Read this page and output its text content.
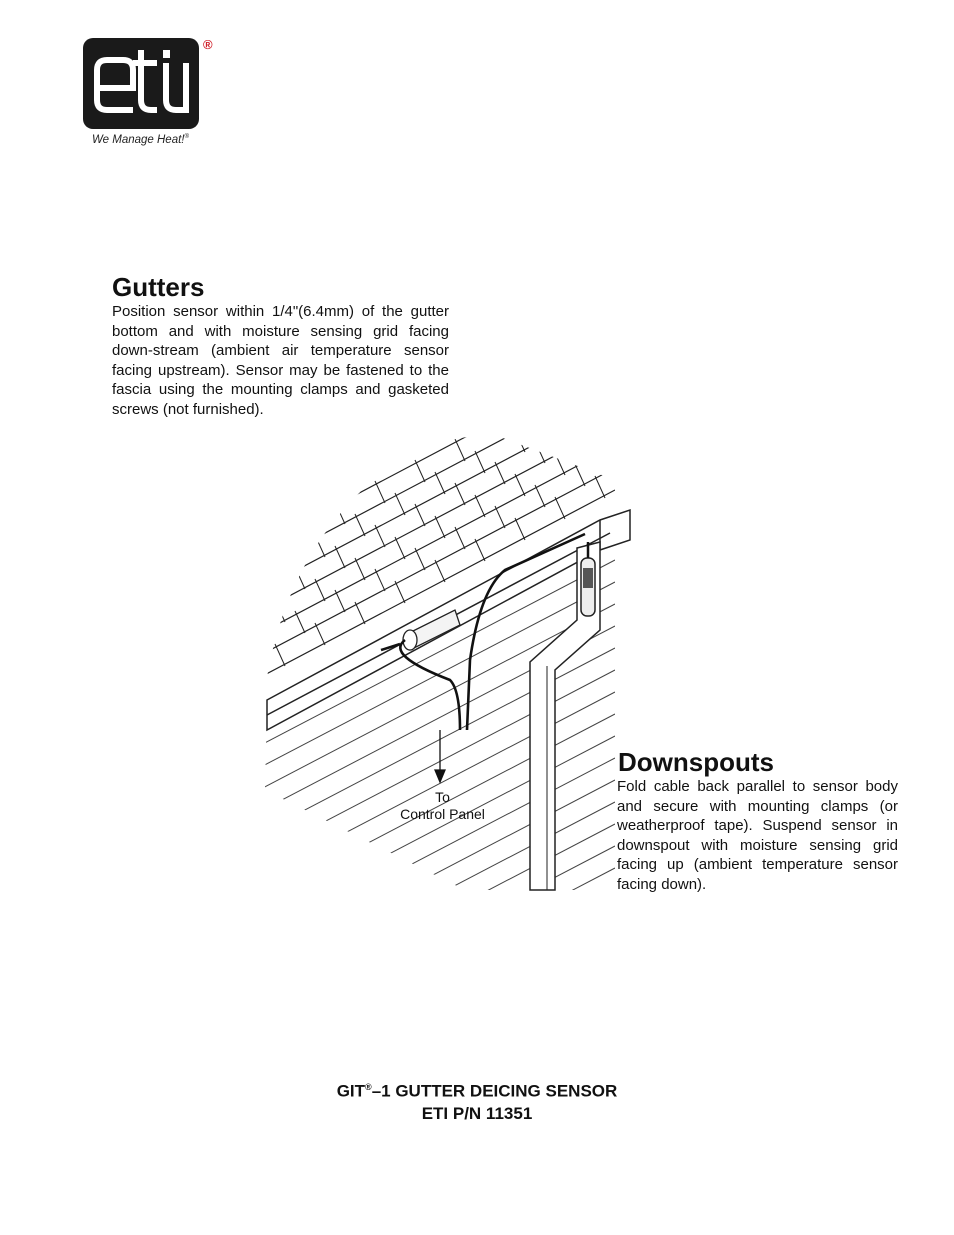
®
We Manage Heat!®
Gutters

Position sensor within 1/4"(6.4mm) of the gutter bottom and with moisture sensing grid facing down-stream (ambient air temperature sensor facing upstream). Sensor may be fastened to the fascia using the mounting clamps and gasketed screws (not furnished).

To
Control Panel
Downspouts

Fold cable back parallel to sensor body and secure with mounting clamps (or weatherproof tape). Suspend sensor in downspout with moisture sensing grid facing up (ambient temperature sensor facing down).

GIT®–1 GUTTER DEICING SENSOR
ETI P/N 11351
